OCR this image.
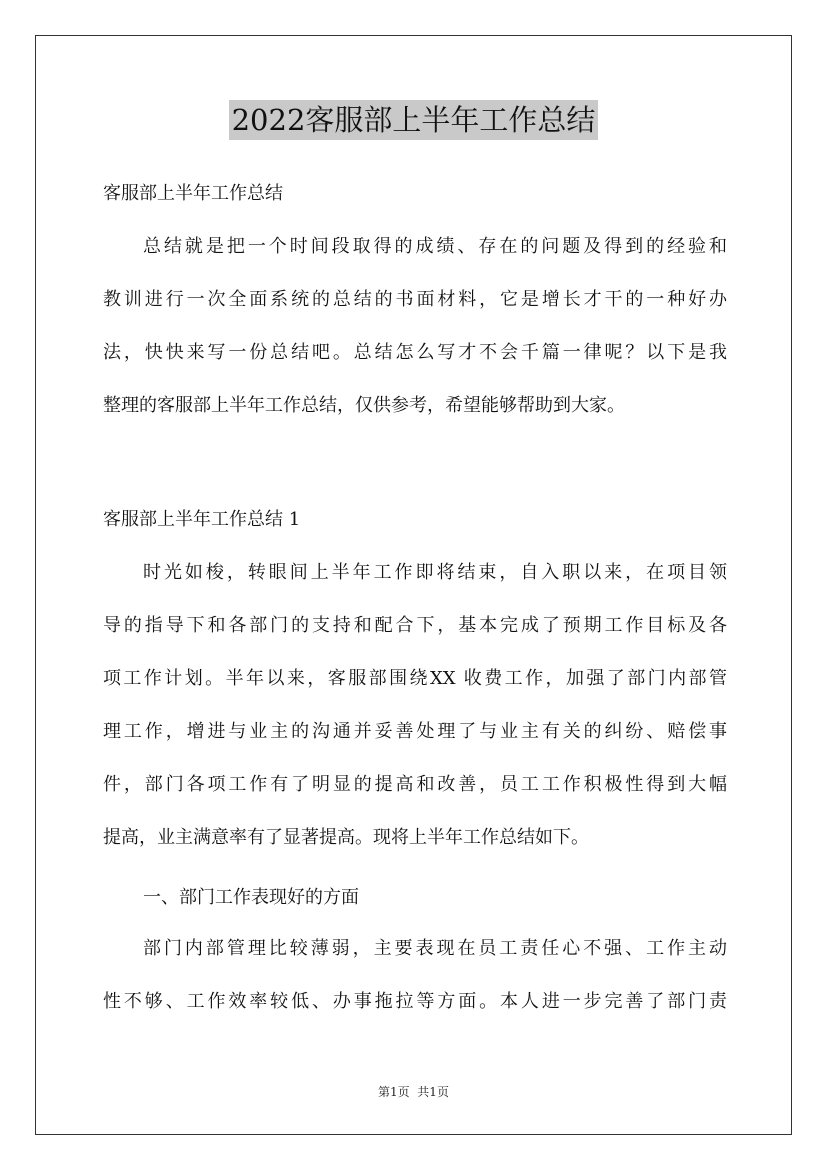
2022客服部上半年工作总结
客服部上半年工作总结
总结就是把一个时间段取得的成绩、存在的问题及得到的经验和
教训进行一次全面系统的总结的书面材料，它是增长才干的一种好办
法，快快来写一份总结吧。总结怎么写才不会千篇一律呢？以下是我
整理的客服部上半年工作总结，仅供参考，希望能够帮助到大家。
客服部上半年工作总结 1
时光如梭，转眼间上半年工作即将结束，自入职以来，在项目领
导的指导下和各部门的支持和配合下，基本完成了预期工作目标及各
项工作计划。半年以来，客服部围绕XX 收费工作，加强了部门内部管
理工作，增进与业主的沟通并妥善处理了与业主有关的纠纷、赔偿事
件，部门各项工作有了明显的提高和改善，员工工作积极性得到大幅
提高，业主满意率有了显著提高。现将上半年工作总结如下。
一、部门工作表现好的方面
部门内部管理比较薄弱，主要表现在员工责任心不强、工作主动
性不够、工作效率较低、办事拖拉等方面。本人进一步完善了部门责
第1页  共1页
